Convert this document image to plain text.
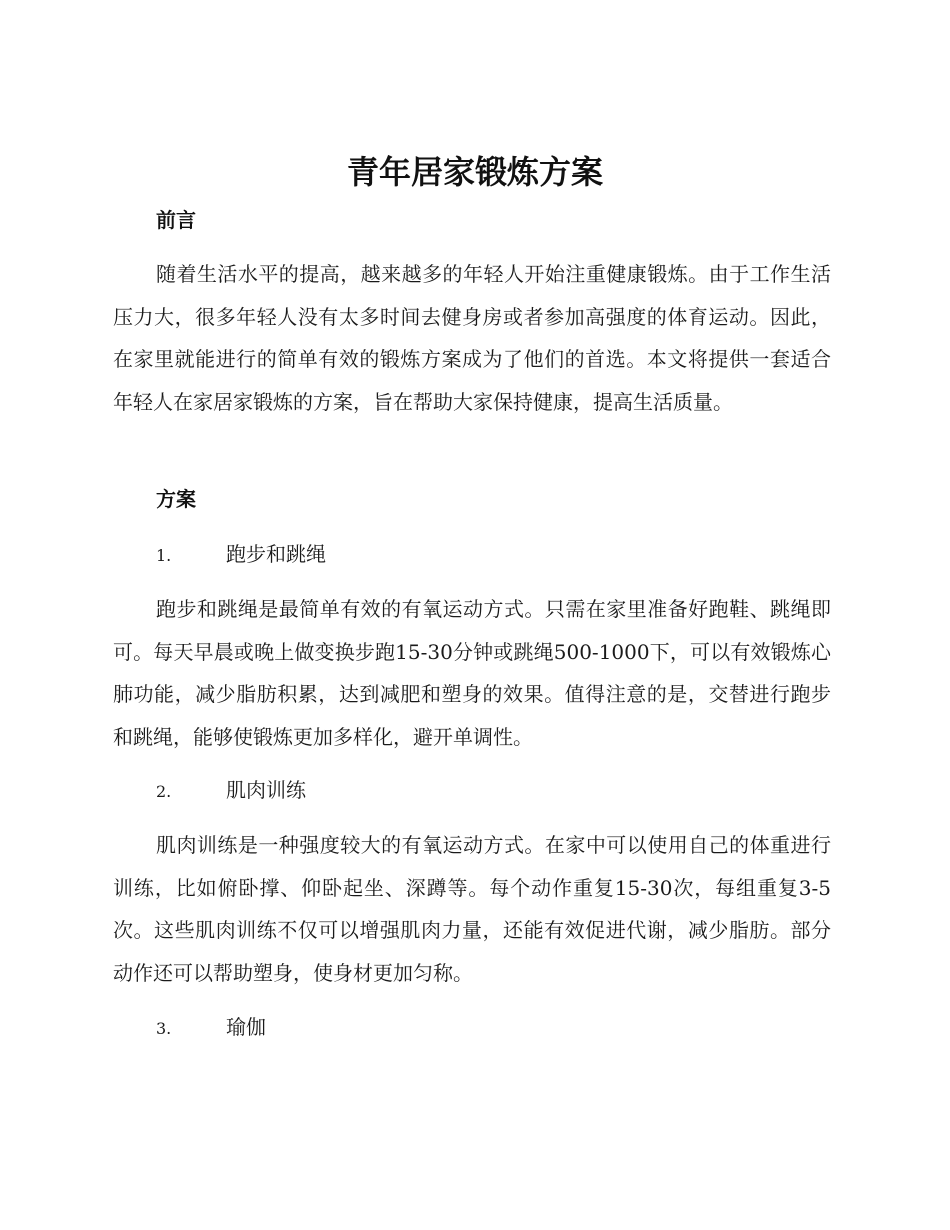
青年居家锻炼方案
前言

随着生活水平的提高，越来越多的年轻人开始注重健康锻炼。由于工作生活压力大，很多年轻人没有太多时间去健身房或者参加高强度的体育运动。因此，在家里就能进行的简单有效的锻炼方案成为了他们的首选。本文将提供一套适合年轻人在家居家锻炼的方案，旨在帮助大家保持健康，提高生活质量。

方案
1.	跑步和跳绳

跑步和跳绳是最简单有效的有氧运动方式。只需在家里准备好跑鞋、跳绳即可。每天早晨或晚上做变换步跑15-30分钟或跳绳500-1000下，可以有效锻炼心肺功能，减少脂肪积累，达到减肥和塑身的效果。值得注意的是，交替进行跑步和跳绳，能够使锻炼更加多样化，避开单调性。

2.	肌肉训练

肌肉训练是一种强度较大的有氧运动方式。在家中可以使用自己的体重进行训练，比如俯卧撑、仰卧起坐、深蹲等。每个动作重复15-30次，每组重复3-5次。这些肌肉训练不仅可以增强肌肉力量，还能有效促进代谢，减少脂肪。部分动作还可以帮助塑身，使身材更加匀称。

3.	瑜伽
